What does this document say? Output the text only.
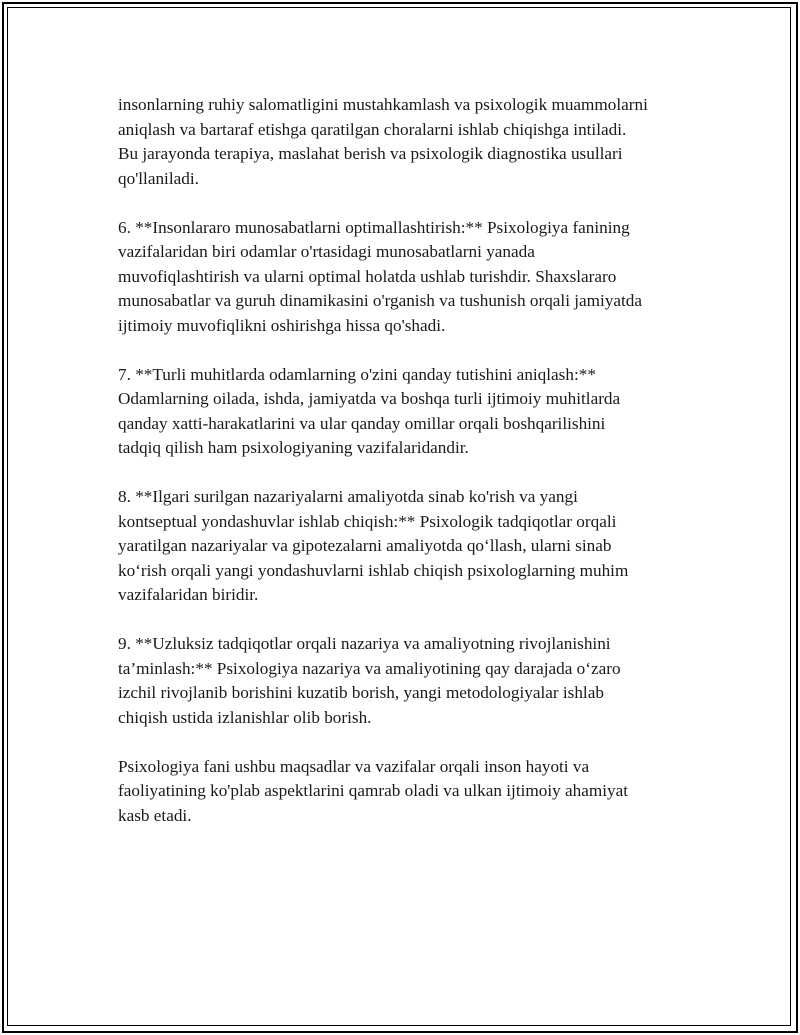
insonlarning ruhiy salomatligini mustahkamlash va psixologik muammolarni
aniqlash va bartaraf etishga qaratilgan choralarni ishlab chiqishga intiladi.
Bu jarayonda terapiya, maslahat berish va psixologik diagnostika usullari
qo'llaniladi.

6. **Insonlararo munosabatlarni optimallashtirish:** Psixologiya fanining
vazifalaridan biri odamlar o'rtasidagi munosabatlarni yanada
muvofiqlashtirish va ularni optimal holatda ushlab turishdir. Shaxslararo
munosabatlar va guruh dinamikasini o'rganish va tushunish orqali jamiyatda
ijtimoiy muvofiqlikni oshirishga hissa qo'shadi.

7. **Turli muhitlarda odamlarning o'zini qanday tutishini aniqlash:**
Odamlarning oilada, ishda, jamiyatda va boshqa turli ijtimoiy muhitlarda
qanday xatti-harakatlarini va ular qanday omillar orqali boshqarilishini
tadqiq qilish ham psixologiyaning vazifalaridandir.

8. **Ilgari surilgan nazariyalarni amaliyotda sinab ko'rish va yangi
kontseptual yondashuvlar ishlab chiqish:** Psixologik tadqiqotlar orqali
yaratilgan nazariyalar va gipotezalarni amaliyotda qo‘llash, ularni sinab
ko‘rish orqali yangi yondashuvlarni ishlab chiqish psixologlarning muhim
vazifalaridan biridir.

9. **Uzluksiz tadqiqotlar orqali nazariya va amaliyotning rivojlanishini
ta’minlash:** Psixologiya nazariya va amaliyotining qay darajada o‘zaro
izchil rivojlanib borishini kuzatib borish, yangi metodologiyalar ishlab
chiqish ustida izlanishlar olib borish.

Psixologiya fani ushbu maqsadlar va vazifalar orqali inson hayoti va
faoliyatining ko'plab aspektlarini qamrab oladi va ulkan ijtimoiy ahamiyat
kasb etadi.
